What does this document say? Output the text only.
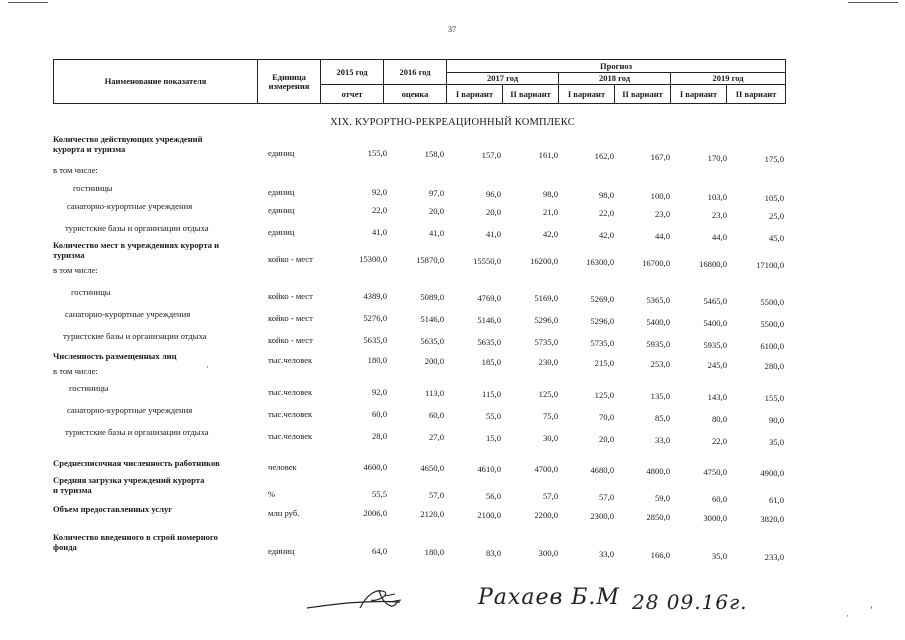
37
Наименование показателя	Единица измерения	2015 год	2016 год	Прогноз					
				2017 год		2018 год		2019 год	
		отчет	оценка	I вариант	II вариант	I вариант	II вариант	I вариант	II вариант
XIX. КУРОРТНО-РЕКРЕАЦИОННЫЙ КОМПЛЕКС
Количество действующих учреждений
курорта и туризма	единиц	155,0	158,0	157,0	161,0	162,0	167,0	170,0	175,0
в том числе:
гостиницы	единиц	92,0	97,0	96,0	98,0	98,0	100,0	103,0	105,0
санаторно-курортные учреждения	единиц	22,0	20,0	20,0	21,0	22,0	23,0	23,0	25,0
туристские базы и организации отдыха	единиц	41,0	41,0	41,0	42,0	42,0	44,0	44,0	45,0
Количество мест в учреждениях курорта и
туризма	койко - мест	15300,0	15870,0	15550,0	16200,0	16300,0	16700,0	16800,0	17100,0
в том числе:
гостиницы	койко - мест	4389,0	5089,0	4769,0	5169,0	5269,0	5365,0	5465,0	5500,0
санаторно-курортные учреждения	койко - мест	5276,0	5146,0	5146,0	5296,0	5296,0	5400,0	5400,0	5500,0
туристские базы и организации отдыха	койко - мест	5635,0	5635,0	5635,0	5735,0	5735,0	5935,0	5935,0	6100,0
Численность размещенных лиц	тыс.человек	180,0	200,0	185,0	230,0	215,0	253,0	245,0	280,0
в том числе:
гостиницы	тыс.человек	92,0	113,0	115,0	125,0	125,0	135,0	143,0	155,0
санаторно-курортные учреждения	тыс.человек	60,0	60,0	55,0	75,0	70,0	85,0	80,0	90,0
туристские базы и организации отдыха	тыс.человек	28,0	27,0	15,0	30,0	20,0	33,0	22,0	35,0
Среднесписочная численность работников	человек	4600,0	4650,0	4610,0	4700,0	4680,0	4800,0	4750,0	4900,0
Средняя загрузка учреждений курорта
и туризма	%	55,5	57,0	56,0	57,0	57,0	59,0	60,0	61,0
Объем предоставленных услуг	млн руб.	2006,0	2120,0	2100,0	2200,0	2300,0	2850,0	3000,0	3820,0
Количество введенного в строй номерного
фонда	единиц	64,0	180,0	83,0	300,0	33,0	166,0	35,0	233,0
Рахаев Б.М 28 09.16г.
·
ʼ
·
